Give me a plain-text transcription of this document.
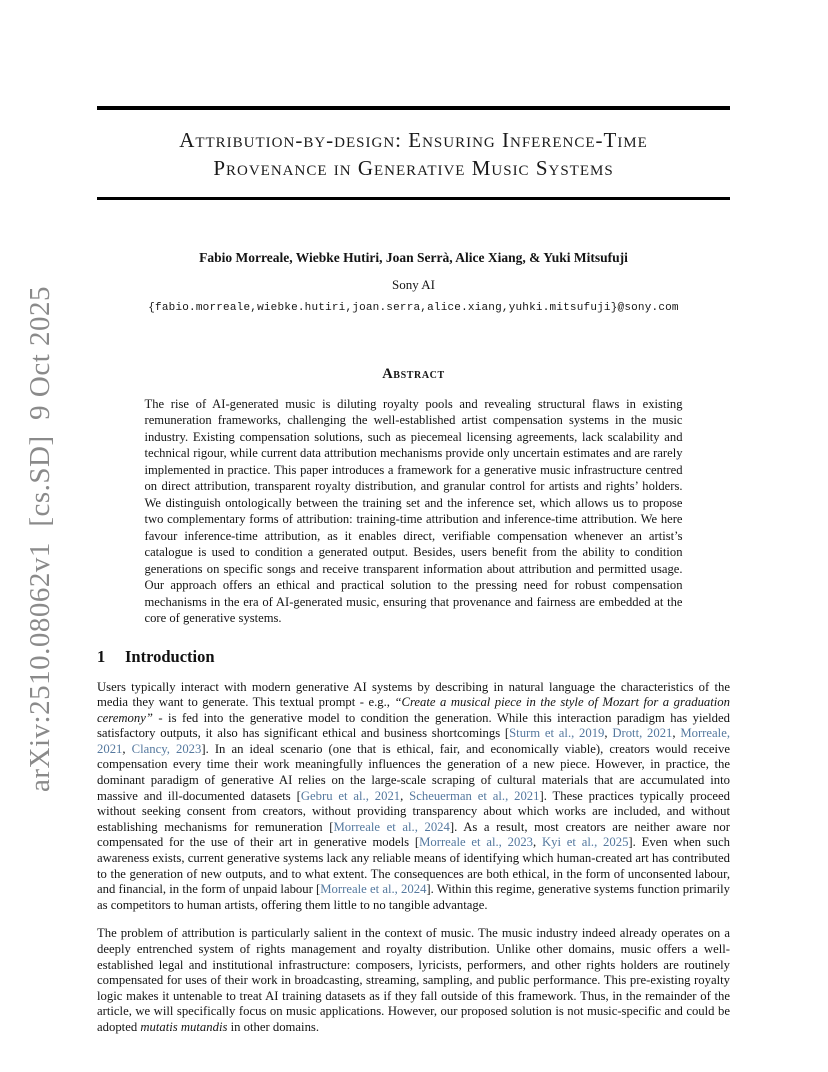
arXiv:2510.08062v1  [cs.SD]  9 Oct 2025
Attribution-by-design: Ensuring Inference-Time
Provenance in Generative Music Systems
Fabio Morreale, Wiebke Hutiri, Joan Serrà, Alice Xiang, & Yuki Mitsufuji
Sony AI
{fabio.morreale,wiebke.hutiri,joan.serra,alice.xiang,yuhki.mitsufuji}@sony.com
Abstract
The rise of AI-generated music is diluting royalty pools and revealing structural flaws in existing remuneration frameworks, challenging the well-established artist compensation systems in the music industry. Existing compensation solutions, such as piecemeal licensing agreements, lack scalability and technical rigour, while current data attribution mechanisms provide only uncertain estimates and are rarely implemented in practice. This paper introduces a framework for a generative music infrastructure centred on direct attribution, transparent royalty distribution, and granular control for artists and rights’ holders. We distinguish ontologically between the training set and the inference set, which allows us to propose two complementary forms of attribution: training-time attribution and inference-time attribution. We here favour inference-time attribution, as it enables direct, verifiable compensation whenever an artist’s catalogue is used to condition a generated output. Besides, users benefit from the ability to condition generations on specific songs and receive transparent information about attribution and permitted usage. Our approach offers an ethical and practical solution to the pressing need for robust compensation mechanisms in the era of AI-generated music, ensuring that provenance and fairness are embedded at the core of generative systems.
1 Introduction

Users typically interact with modern generative AI systems by describing in natural language the characteristics of the media they want to generate. This textual prompt - e.g., “Create a musical piece in the style of Mozart for a graduation ceremony” - is fed into the generative model to condition the generation. While this interaction paradigm has yielded satisfactory outputs, it also has significant ethical and business shortcomings [Sturm et al., 2019, Drott, 2021, Morreale, 2021, Clancy, 2023]. In an ideal scenario (one that is ethical, fair, and economically viable), creators would receive compensation every time their work meaningfully influences the generation of a new piece. However, in practice, the dominant paradigm of generative AI relies on the large-scale scraping of cultural materials that are accumulated into massive and ill-documented datasets [Gebru et al., 2021, Scheuerman et al., 2021]. These practices typically proceed without seeking consent from creators, without providing transparency about which works are included, and without establishing mechanisms for remuneration [Morreale et al., 2024]. As a result, most creators are neither aware nor compensated for the use of their art in generative models [Morreale et al., 2023, Kyi et al., 2025]. Even when such awareness exists, current generative systems lack any reliable means of identifying which human-created art has contributed to the generation of new outputs, and to what extent. The consequences are both ethical, in the form of unconsented labour, and financial, in the form of unpaid labour [Morreale et al., 2024]. Within this regime, generative systems function primarily as competitors to human artists, offering them little to no tangible advantage.

The problem of attribution is particularly salient in the context of music. The music industry indeed already operates on a deeply entrenched system of rights management and royalty distribution. Unlike other domains, music offers a well-established legal and institutional infrastructure: composers, lyricists, performers, and other rights holders are routinely compensated for uses of their work in broadcasting, streaming, sampling, and public performance. This pre-existing royalty logic makes it untenable to treat AI training datasets as if they fall outside of this framework. Thus, in the remainder of the article, we will specifically focus on music applications. However, our proposed solution is not music-specific and could be adopted mutatis mutandis in other domains.
